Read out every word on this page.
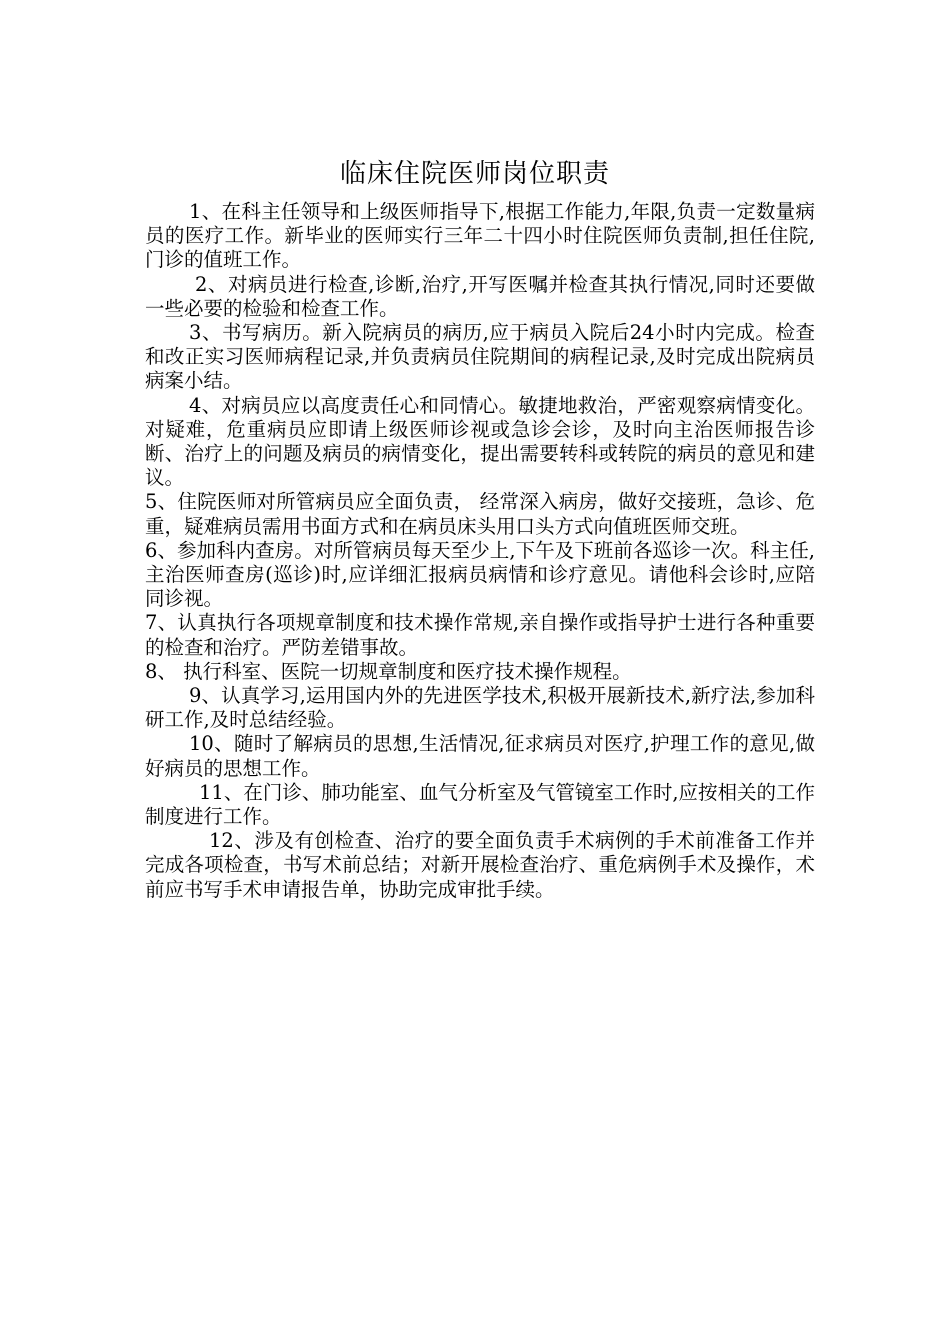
临床住院医师岗位职责

1、在科主任领导和上级医师指导下,根据工作能力,年限,负责一定数量病员的医疗工作。新毕业的医师实行三年二十四小时住院医师负责制,担任住院,门诊的值班工作。

2、对病员进行检查,诊断,治疗,开写医嘱并检查其执行情况,同时还要做一些必要的检验和检查工作。

3、书写病历。新入院病员的病历,应于病员入院后24小时内完成。检查和改正实习医师病程记录,并负责病员住院期间的病程记录,及时完成出院病员病案小结。

4、对病员应以高度责任心和同情心。敏捷地救治，严密观察病情变化。对疑难，危重病员应即请上级医师诊视或急诊会诊，及时向主治医师报告诊断、治疗上的问题及病员的病情变化，提出需要转科或转院的病员的意见和建议。

5、住院医师对所管病员应全面负责， 经常深入病房，做好交接班，急诊、危重，疑难病员需用书面方式和在病员床头用口头方式向值班医师交班。

6、参加科内查房。对所管病员每天至少上,下午及下班前各巡诊一次。科主任,主治医师查房(巡诊)时,应详细汇报病员病情和诊疗意见。请他科会诊时,应陪同诊视。

7、认真执行各项规章制度和技术操作常规,亲自操作或指导护士进行各种重要的检查和治疗。严防差错事故。

8、 执行科室、医院一切规章制度和医疗技术操作规程。

9、认真学习,运用国内外的先进医学技术,积极开展新技术,新疗法,参加科研工作,及时总结经验。

10、随时了解病员的思想,生活情况,征求病员对医疗,护理工作的意见,做好病员的思想工作。

11、在门诊、肺功能室、血气分析室及气管镜室工作时,应按相关的工作制度进行工作。

12、涉及有创检查、治疗的要全面负责手术病例的手术前准备工作并完成各项检查，书写术前总结；对新开展检查治疗、重危病例手术及操作，术前应书写手术申请报告单，协助完成审批手续。
